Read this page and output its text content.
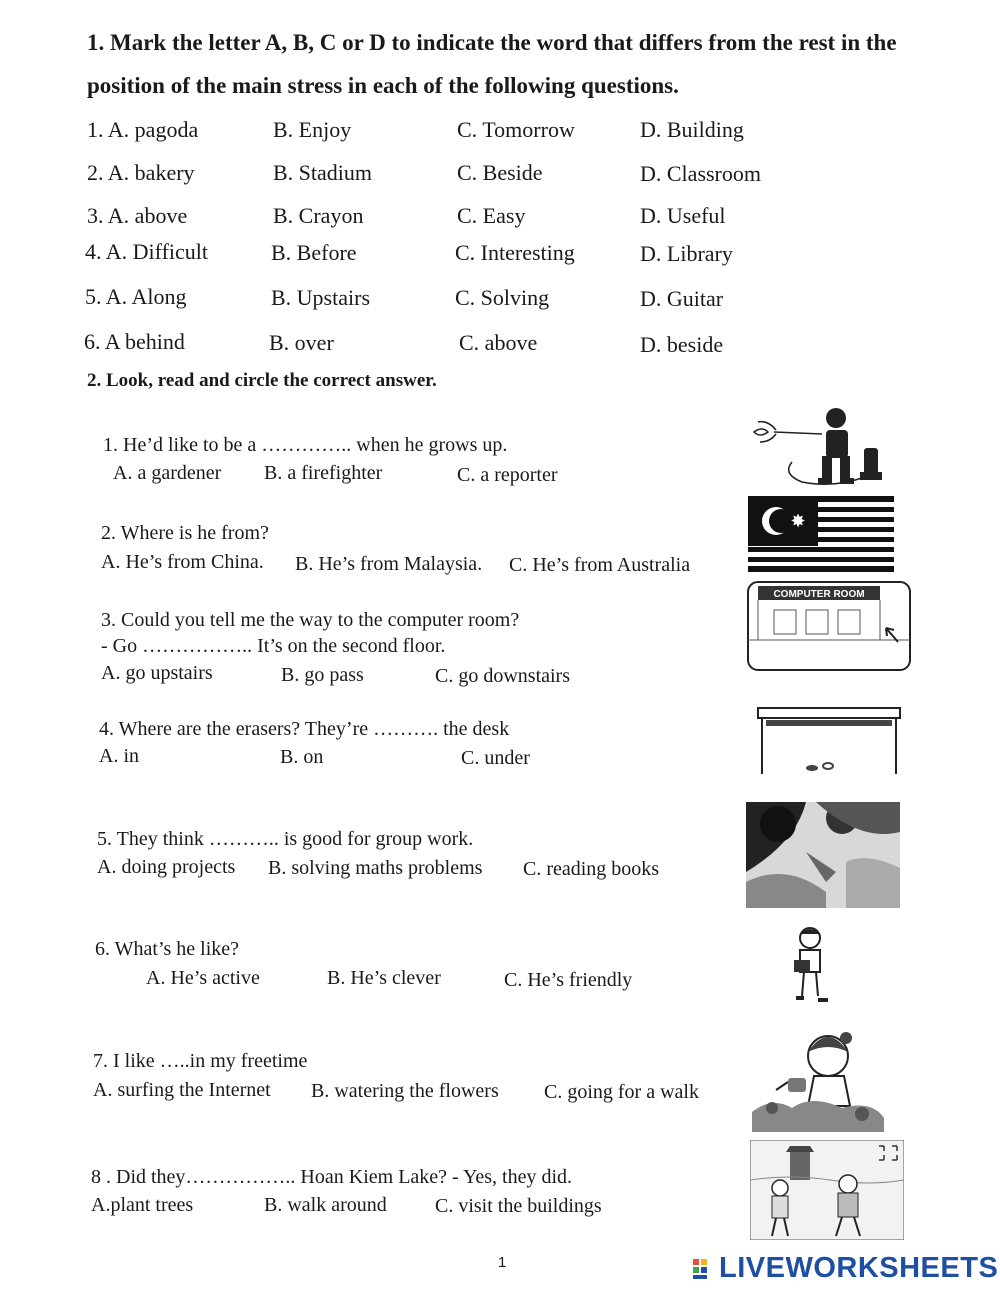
1. Mark the letter A, B, C or D to indicate the word that differs from the rest in the
position of the main stress in each of the following questions.
1. A. pagoda	B. Enjoy	C. Tomorrow	D. Building
2. A. bakery	B. Stadium	C. Beside	D. Classroom
3. A. above	B. Crayon	C. Easy	D. Useful
4. A. Difficult	B. Before	C. Interesting	D. Library
5. A. Along	B. Upstairs	C. Solving	D. Guitar
6. A behind	B. over	C. above	D. beside
2. Look, read and circle the correct answer.
1. He’d like to be a ………….. when he grows up.
A. a gardener B. a firefighter	C. a reporter
2. Where is he from?
A. He’s from China. B. He’s from Malaysia. C. He’s from Australia
✸
3. Could you tell me the way to the computer room?
- Go …………….. It’s on the second floor.
A. go upstairs	B. go pass	C. go downstairs
COMPUTER ROOM
4. Where are the erasers? They’re ………. the desk
A. in	B. on	C. under
5. They think ……….. is good for group work.
A. doing projects B. solving maths problems C. reading books
6. What’s he like?
A. He’s active	B. He’s clever	C. He’s friendly
7. I like …..in my freetime
A. surfing the Internet B. watering the flowers C. going for a walk
8 . Did they…………….. Hoan Kiem Lake? - Yes, they did.
A.plant trees	B. walk around C. visit the buildings
1	LIVEWORKSHEETS
